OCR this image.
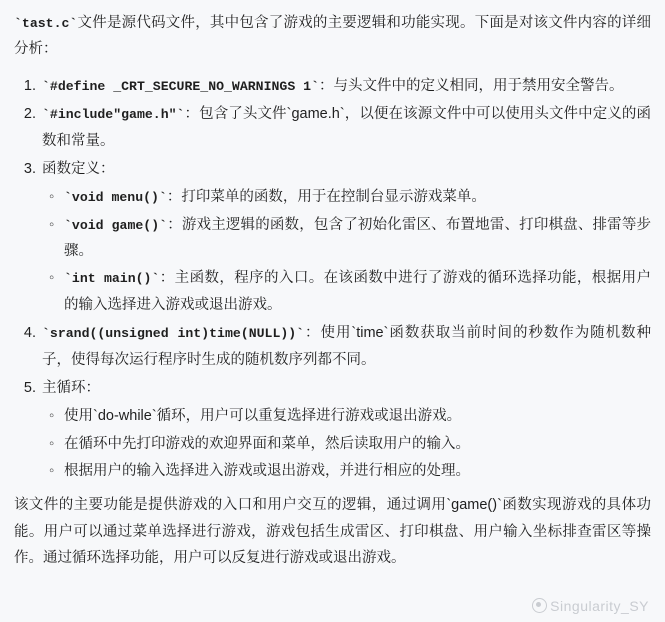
`tast.c`文件是源代码文件，其中包含了游戏的主要逻辑和功能实现。下面是对该文件内容的详细分析：

1. `#define _CRT_SECURE_NO_WARNINGS 1`：与头文件中的定义相同，用于禁用安全警告。
2. `#include"game.h"`：包含了头文件`game.h`，以便在该源文件中可以使用头文件中定义的函数和常量。
3. 函数定义：
◦ `void menu()`：打印菜单的函数，用于在控制台显示游戏菜单。
◦ `void game()`：游戏主逻辑的函数，包含了初始化雷区、布置地雷、打印棋盘、排雷等步骤。
◦ `int main()`：主函数，程序的入口。在该函数中进行了游戏的循环选择功能，根据用户的输入选择进入游戏或退出游戏。
4. `srand((unsigned int)time(NULL))`：使用`time`函数获取当前时间的秒数作为随机数种子，使得每次运行程序时生成的随机数序列都不同。
5. 主循环：
◦ 使用`do-while`循环，用户可以重复选择进行游戏或退出游戏。
◦ 在循环中先打印游戏的欢迎界面和菜单，然后读取用户的输入。
◦ 根据用户的输入选择进入游戏或退出游戏，并进行相应的处理。

该文件的主要功能是提供游戏的入口和用户交互的逻辑，通过调用`game()`函数实现游戏的具体功能。用户可以通过菜单选择进行游戏，游戏包括生成雷区、打印棋盘、用户输入坐标排查雷区等操作。通过循环选择功能，用户可以反复进行游戏或退出游戏。

Singularity_SY
